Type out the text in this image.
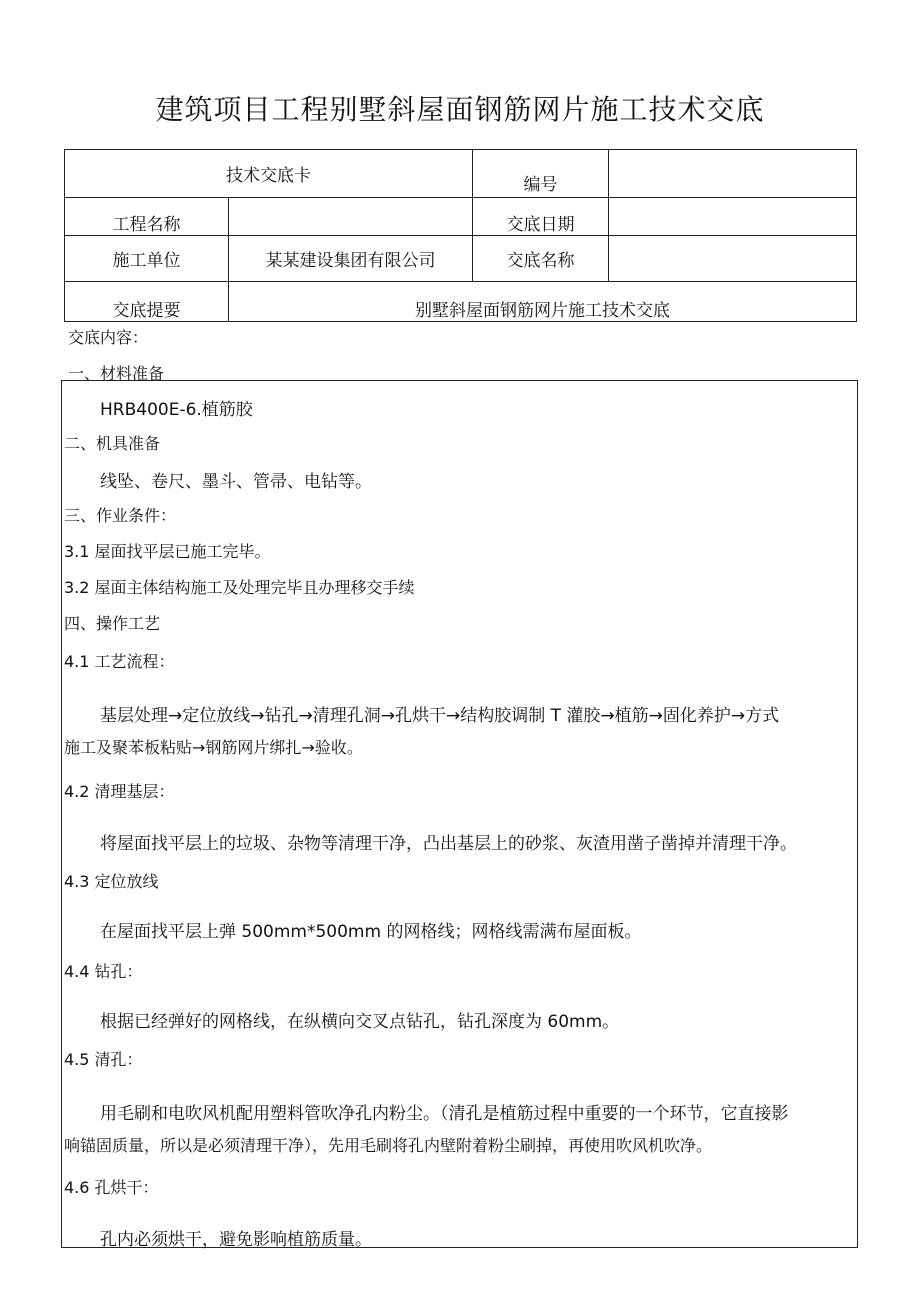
建筑项目工程别墅斜屋面钢筋网片施工技术交底
技术交底卡		编号	

工程名称		交底日期	
施工单位	某某建设集团有限公司	交底名称	
交底提要	别墅斜屋面钢筋网片施工技术交底		
交底内容：
一、材料准备
HRB400E-6.植筋胶
二、机具准备
线坠、卷尺、墨斗、管帚、电钻等。
三、作业条件：
3.1 屋面找平层已施工完毕。
3.2 屋面主体结构施工及处理完毕且办理移交手续
四、操作工艺
4.1 工艺流程：
基层处理→定位放线→钻孔→清理孔洞→孔烘干→结构胶调制 T 灌胶→植筋→固化养护→方式
施工及聚苯板粘贴→钢筋网片绑扎→验收。
4.2 清理基层：
将屋面找平层上的垃圾、杂物等清理干净，凸出基层上的砂浆、灰渣用凿子凿掉并清理干净。
4.3 定位放线
在屋面找平层上弹 500mm*500mm 的网格线；网格线需满布屋面板。
4.4 钻孔：
根据已经弹好的网格线，在纵横向交叉点钻孔，钻孔深度为 60mm。
4.5 清孔：
用毛刷和电吹风机配用塑料管吹净孔内粉尘。（清孔是植筋过程中重要的一个环节，它直接影
响锚固质量，所以是必须清理干净），先用毛刷将孔内壁附着粉尘刷掉，再使用吹风机吹净。
4.6 孔烘干：
孔内必须烘干，避免影响植筋质量。
